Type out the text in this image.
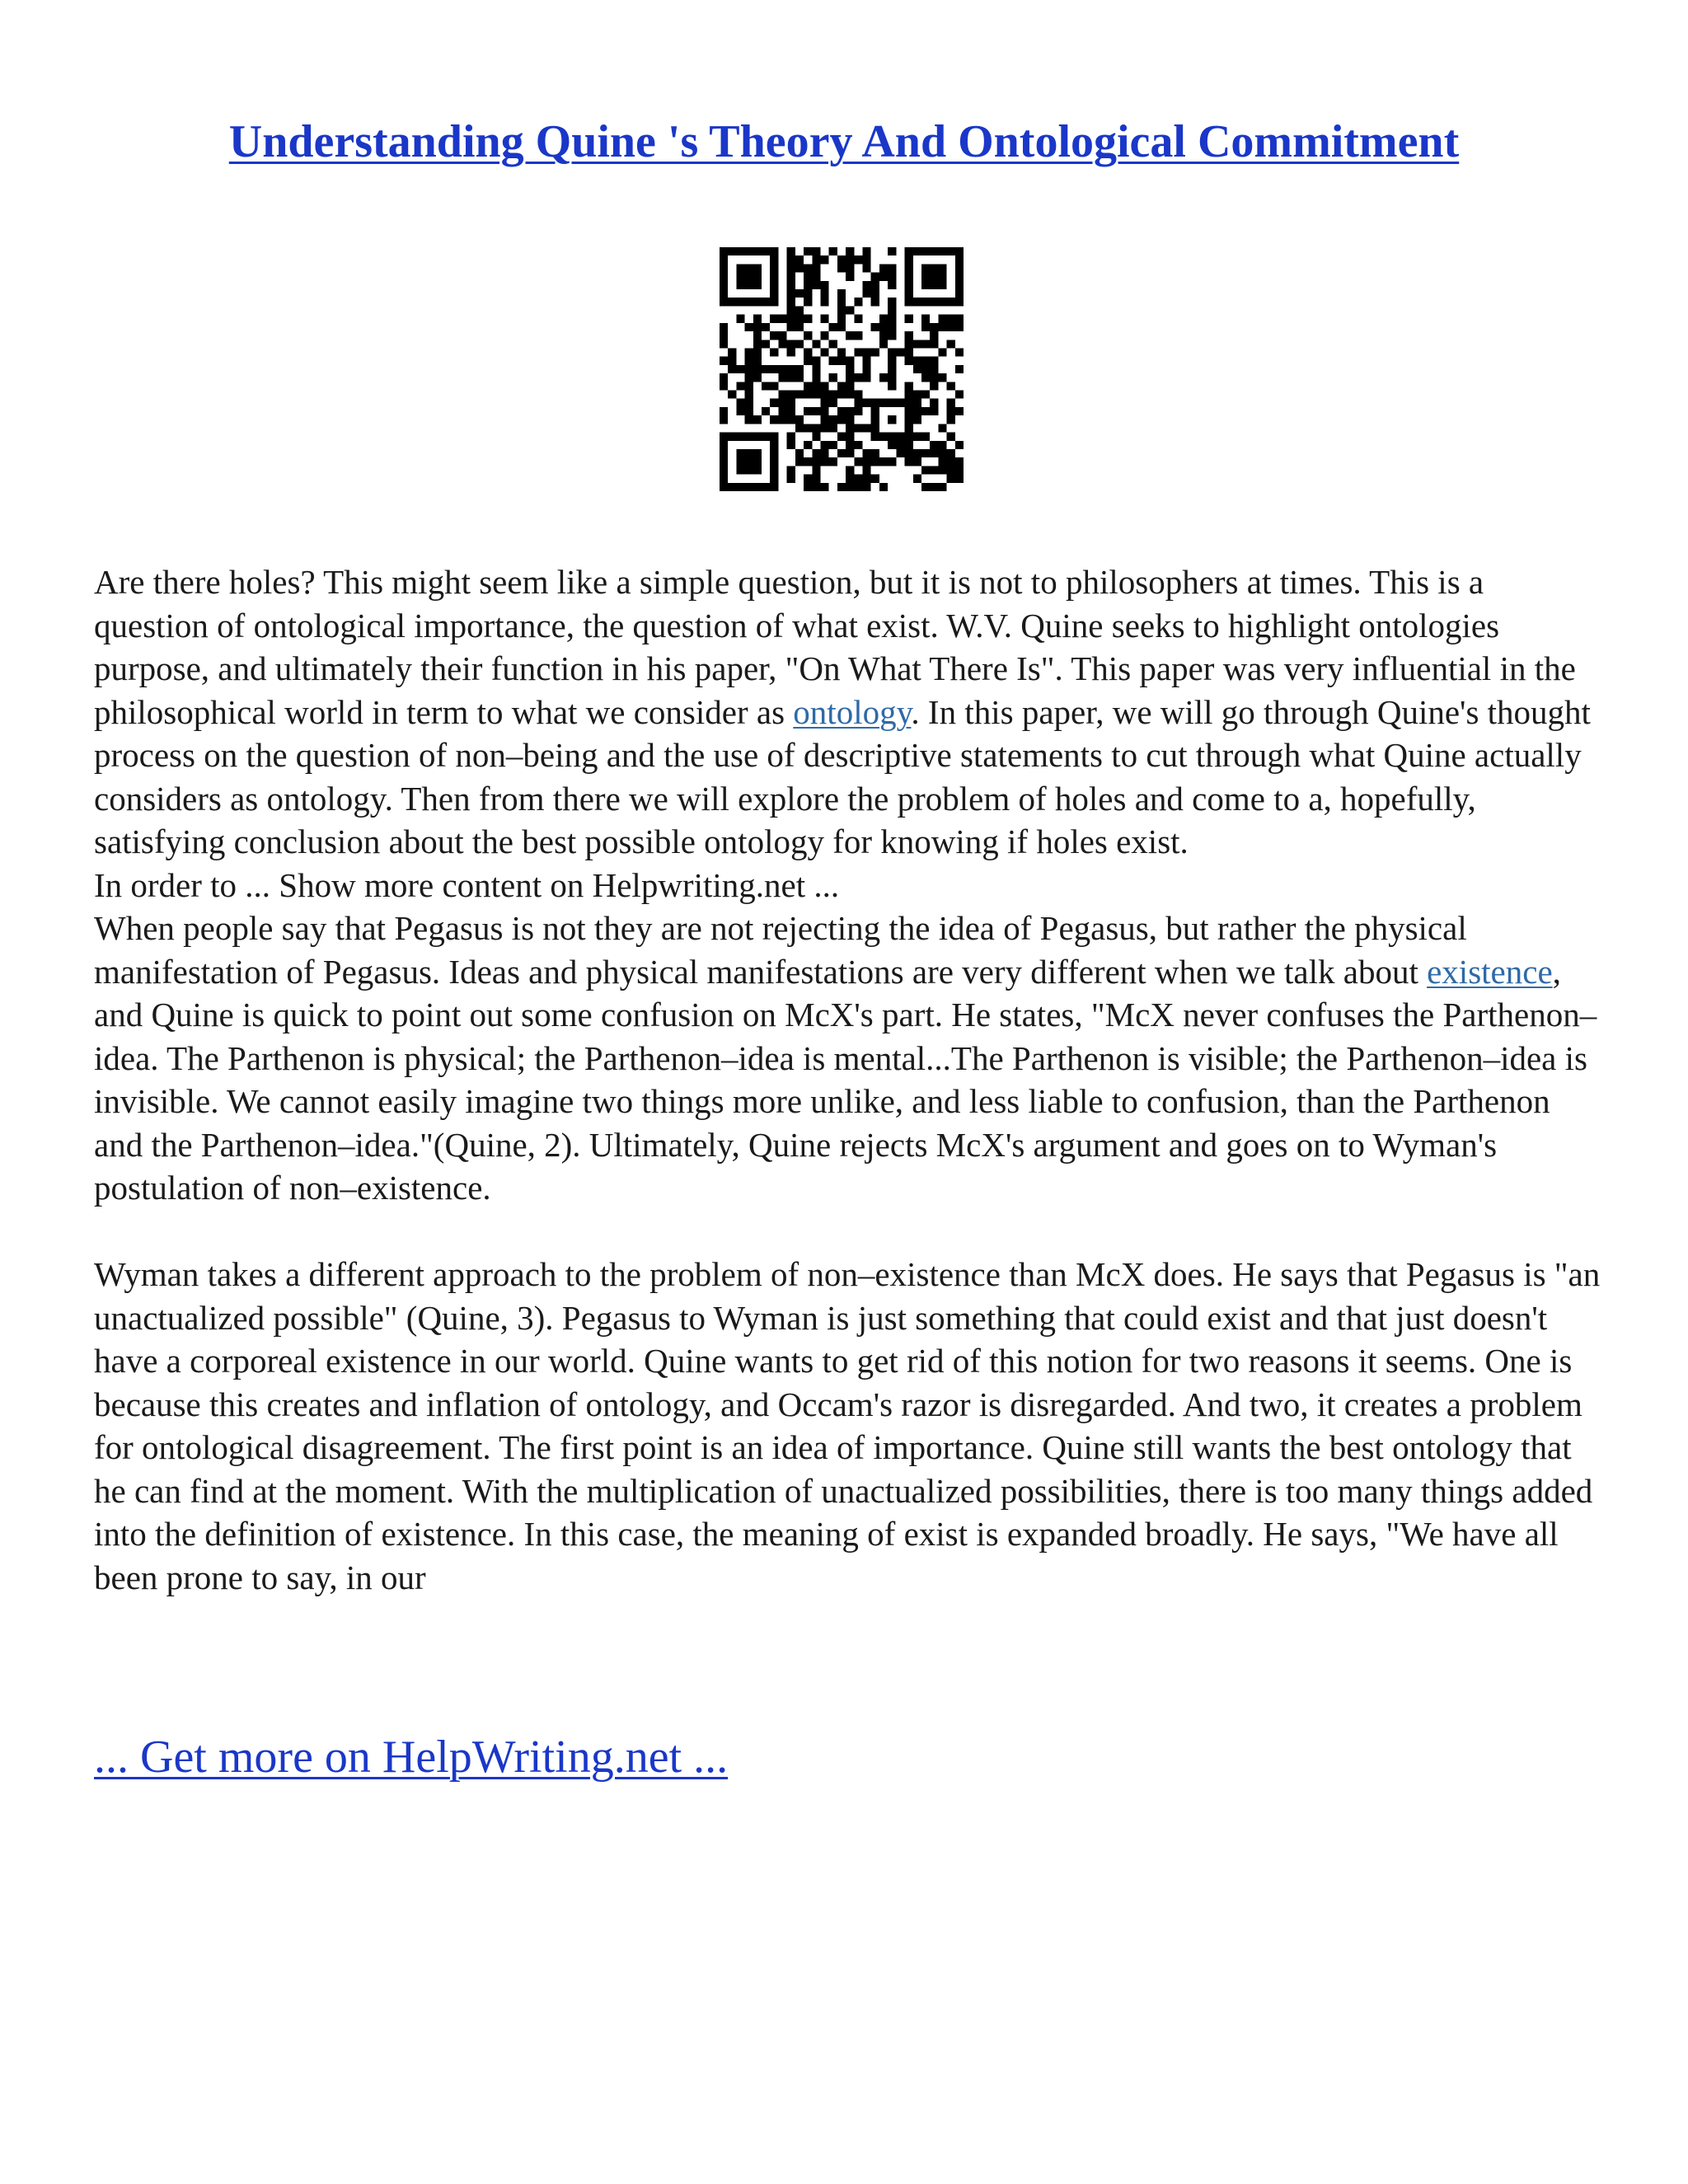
Understanding Quine 's Theory And Ontological Commitment

Are there holes? This might seem like a simple question, but it is not to philosophers at times. This is a question of ontological importance, the question of what exist. W.V. Quine seeks to highlight ontologies purpose, and ultimately their function in his paper, "On What There Is". This paper was very influential in the philosophical world in term to what we consider as ontology. In this paper, we will go through Quine's thought process on the question of non–being and the use of descriptive statements to cut through what Quine actually considers as ontology. Then from there we will explore the problem of holes and come to a, hopefully, satisfying conclusion about the best possible ontology for knowing if holes exist.

In order to ... Show more content on Helpwriting.net ...

When people say that Pegasus is not they are not rejecting the idea of Pegasus, but rather the physical manifestation of Pegasus. Ideas and physical manifestations are very different when we talk about existence, and Quine is quick to point out some confusion on McX's part. He states, "McX never confuses the Parthenon–idea. The Parthenon is physical; the Parthenon–idea is mental...The Parthenon is visible; the Parthenon–idea is invisible. We cannot easily imagine two things more unlike, and less liable to confusion, than the Parthenon and the Parthenon–idea."(Quine, 2). Ultimately, Quine rejects McX's argument and goes on to Wyman's postulation of non–existence.

Wyman takes a different approach to the problem of non–existence than McX does. He says that Pegasus is "an unactualized possible" (Quine, 3). Pegasus to Wyman is just something that could exist and that just doesn't have a corporeal existence in our world. Quine wants to get rid of this notion for two reasons it seems. One is because this creates and inflation of ontology, and Occam's razor is disregarded. And two, it creates a problem for ontological disagreement. The first point is an idea of importance. Quine still wants the best ontology that he can find at the moment. With the multiplication of unactualized possibilities, there is too many things added into the definition of existence. In this case, the meaning of exist is expanded broadly. He says, "We have all been prone to say, in our

... Get more on HelpWriting.net ...
